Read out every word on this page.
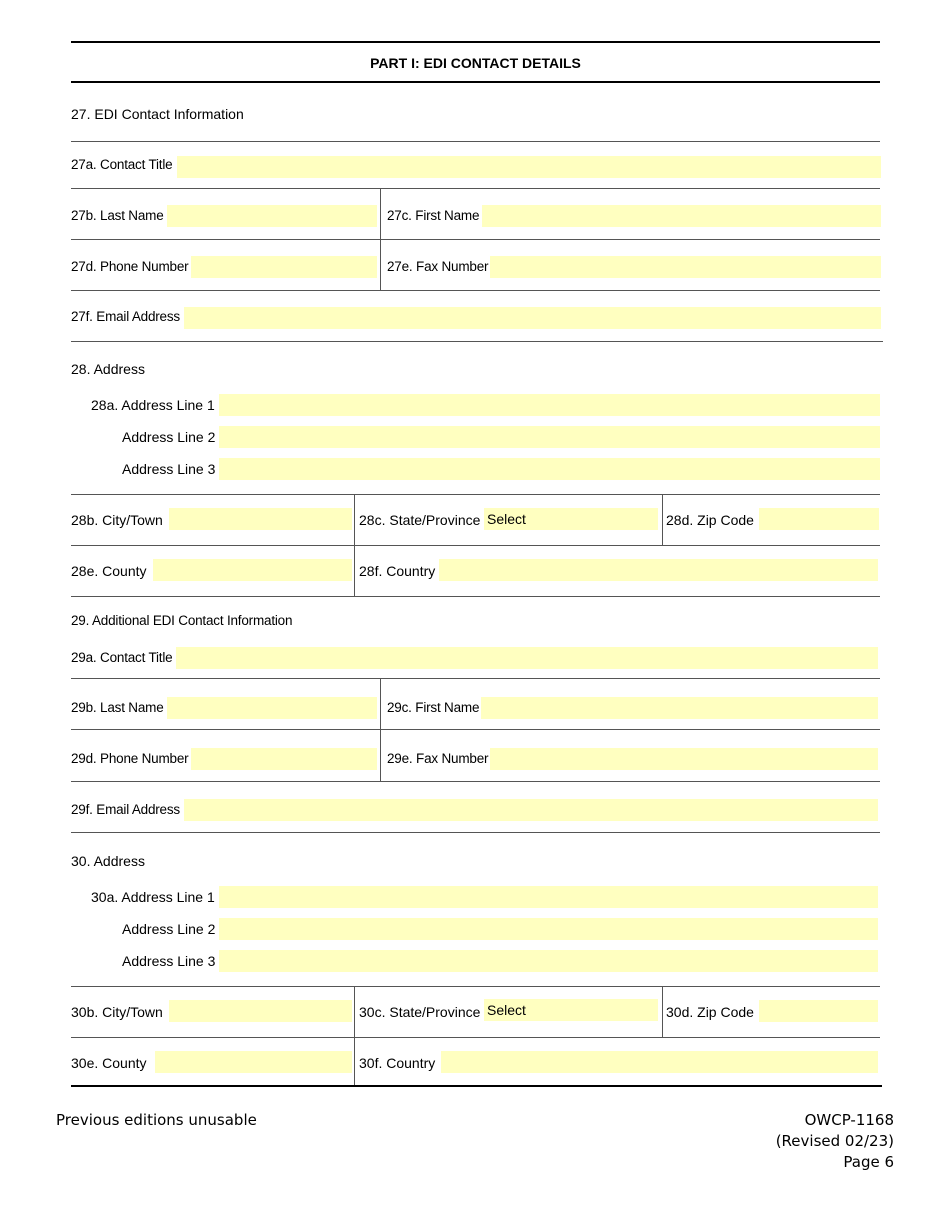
PART I: EDI CONTACT DETAILS
27. EDI Contact Information
27a. Contact Title
27b. Last Name	27c. First Name
27d. Phone Number	27e. Fax Number
27f. Email Address
28. Address
28a. Address Line 1
Address Line 2
Address Line 3
28b. City/Town	28c. State/Province Select	28d. Zip Code
28e. County	28f. Country
29. Additional EDI Contact Information
29a. Contact Title
29b. Last Name	29c. First Name
29d. Phone Number	29e. Fax Number
29f. Email Address
30. Address
30a. Address Line 1
Address Line 2
Address Line 3
30b. City/Town	30c. State/Province Select	30d. Zip Code
30e. County	30f. Country
Previous editions unusable	OWCP-1168
(Revised 02/23)
Page 6
